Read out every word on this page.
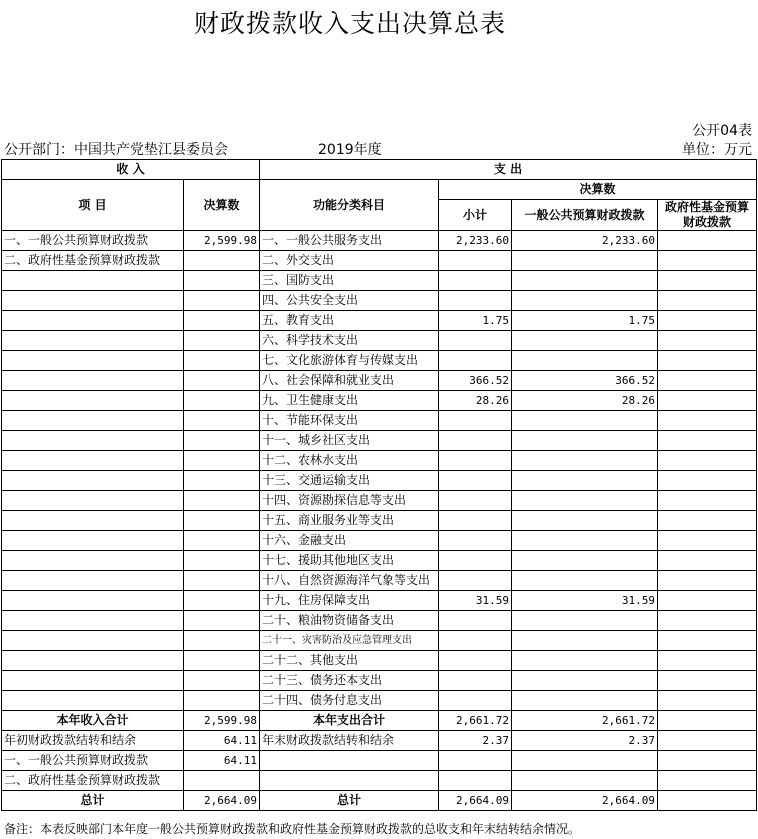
财政拨款收入支出决算总表
公开04表
公开部门：中国共产党垫江县委员会	2019年度	单位：万元
收 入		支 出			
项 目	决算数	功能分类科目	决算数		
			小计	一般公共预算财政拨款	政府性基金预算财政拨款

一、一般公共预算财政拨款	2,599.98	一、一般公共服务支出	2,233.60	2,233.60	
二、政府性基金预算财政拨款		二、外交支出			
		三、国防支出			
		四、公共安全支出			
		五、教育支出	1.75	1.75	
		六、科学技术支出			
		七、文化旅游体育与传媒支出			
		八、社会保障和就业支出	366.52	366.52	
		九、卫生健康支出	28.26	28.26	
		十、节能环保支出			
		十一、城乡社区支出			
		十二、农林水支出			
		十三、交通运输支出			
		十四、资源勘探信息等支出			
		十五、商业服务业等支出			
		十六、金融支出			
		十七、援助其他地区支出			
		十八、自然资源海洋气象等支出			
		十九、住房保障支出	31.59	31.59	
		二十、粮油物资储备支出			
		二十一、灾害防治及应急管理支出			
		二十二、其他支出			
		二十三、债务还本支出			
		二十四、债务付息支出			
本年收入合计	2,599.98	本年支出合计	2,661.72	2,661.72	
年初财政拨款结转和结余	64.11	年末财政拨款结转和结余	2.37	2.37	
一、一般公共预算财政拨款	64.11				
二、政府性基金预算财政拨款					
总计	2,664.09	总计	2,664.09	2,664.09	
备注：本表反映部门本年度一般公共预算财政拨款和政府性基金预算财政拨款的总收支和年末结转结余情况。
